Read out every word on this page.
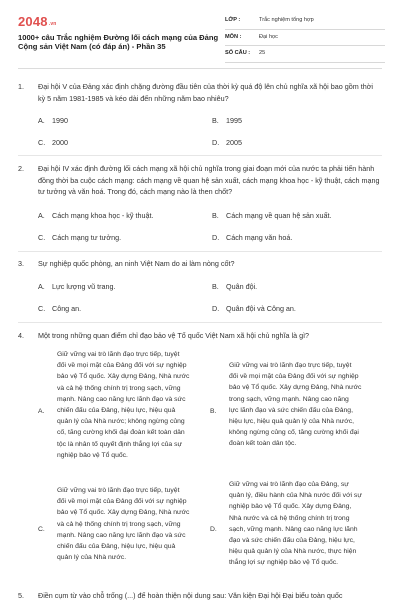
2048.vn
1000+ câu Trắc nghiệm Đường lối cách mạng của Đảng Cộng sản Việt Nam (có đáp án) - Phần 35
LỚP :	Trắc nghiệm tổng hợp
MÔN :	Đại học
SỐ CÂU : 25
1. Đại hội V của Đảng xác định chặng đường đầu tiên của thời kỳ quá độ lên chủ nghĩa xã hội bao gồm thời kỳ 5 năm 1981-1985 và kéo dài đến những năm bao nhiêu?
A. 1990	B. 1995
C. 2000	D. 2005
2. Đại hội IV xác định đường lối cách mạng xã hội chủ nghĩa trong giai đoạn mới của nước ta phải tiến hành đồng thời ba cuộc cách mạng: cách mạng về quan hệ sản xuất, cách mạng khoa học - kỹ thuật, cách mạng tư tưởng và văn hoá. Trong đó, cách mạng nào là then chốt?
A. Cách mạng khoa học - kỹ thuật.	B. Cách mạng về quan hệ sản xuất.
C. Cách mạng tư tưởng.	D. Cách mạng văn hoá.
3. Sự nghiệp quốc phòng, an ninh Việt Nam do ai làm nòng cốt?
A. Lực lượng vũ trang.	B. Quân đội.
C. Công an.	D. Quân đội và Công an.
4. Một trong những quan điểm chỉ đạo bảo vệ Tổ quốc Việt Nam xã hội chủ nghĩa là gì?
A.
Giữ vững vai trò lãnh đạo trực tiếp, tuyệt
đối về mọi mặt của Đảng đối với sự nghiệp
bảo vệ Tổ quốc. Xây dựng Đảng, Nhà nước
và cả hệ thống chính trị trong sạch, vững
mạnh. Nâng cao năng lực lãnh đạo và sức
chiến đấu của Đảng, hiệu lực, hiệu quả
quản lý của Nhà nước; không ngừng củng
cố, tăng cường khối đại đoàn kết toàn dân
tộc là nhân tố quyết định thắng lợi của sự
nghiệp bảo vệ Tổ quốc.
B.
Giữ vững vai trò lãnh đạo trực tiếp, tuyệt
đối về mọi mặt của Đảng đối với sự nghiệp
bảo vệ Tổ quốc. Xây dựng Đảng, Nhà nước
trong sạch, vững mạnh. Nâng cao năng
lực lãnh đạo và sức chiến đấu của Đảng,
hiệu lực, hiệu quả quản lý của Nhà nước,
không ngừng củng cố, tăng cường khối đại
đoàn kết toàn dân tộc.
C.
Giữ vững vai trò lãnh đạo trực tiếp, tuyệt
đối về mọi mặt của Đảng đối với sự nghiệp
bảo vệ Tổ quốc. Xây dựng Đảng, Nhà nước
và cả hệ thống chính trị trong sạch, vững
mạnh. Nâng cao năng lực lãnh đạo và sức
chiến đấu của Đảng, hiệu lực, hiệu quả
quản lý của Nhà nước.
D.
Giữ vững vai trò lãnh đạo của Đảng, sự
quản lý, điều hành của Nhà nước đối với sự
nghiệp bảo vệ Tổ quốc. Xây dựng Đảng,
Nhà nước và cả hệ thống chính trị trong
sạch, vững mạnh. Nâng cao năng lực lãnh
đạo và sức chiến đấu của Đảng, hiệu lực,
hiệu quả quản lý của Nhà nước, thực hiện
thắng lợi sự nghiệp bảo vệ Tổ quốc.
5. Điền cụm từ vào chỗ trống (...) để hoàn thiện nội dung sau: Văn kiện Đại hội Đại biểu toàn quốc
